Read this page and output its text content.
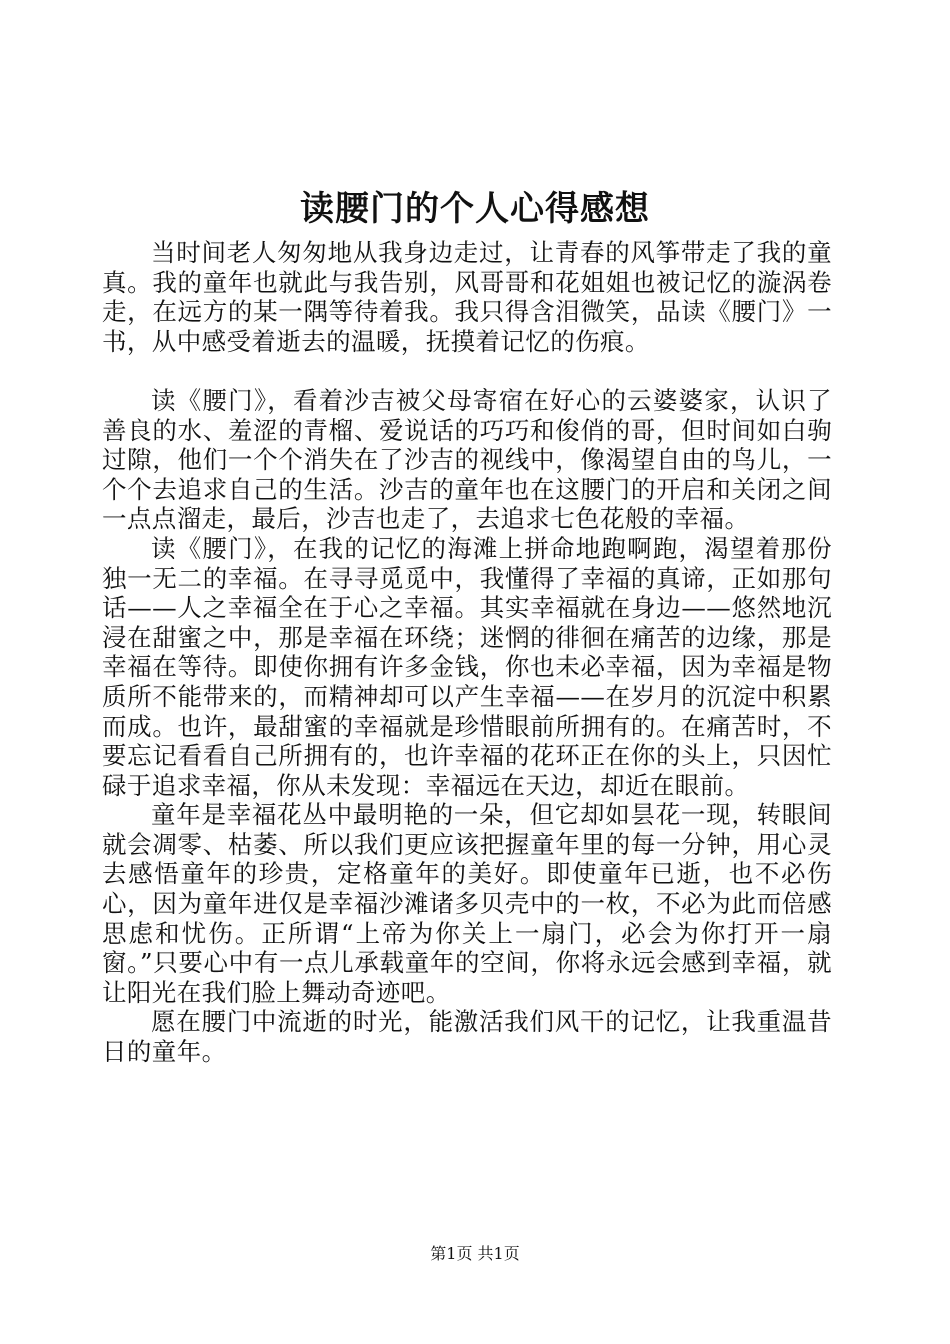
读腰门的个人心得感想

当时间老人匆匆地从我身边走过，让青春的风筝带走了我的童真。我的童年也就此与我告别，风哥哥和花姐姐也被记忆的漩涡卷走，在远方的某一隅等待着我。我只得含泪微笑，品读《腰门》一书，从中感受着逝去的温暖，抚摸着记忆的伤痕。

读《腰门》，看着沙吉被父母寄宿在好心的云婆婆家，认识了善良的水、羞涩的青榴、爱说话的巧巧和俊俏的哥，但时间如白驹过隙，他们一个个消失在了沙吉的视线中，像渴望自由的鸟儿，一个个去追求自己的生活。沙吉的童年也在这腰门的开启和关闭之间一点点溜走，最后，沙吉也走了，去追求七色花般的幸福。

读《腰门》，在我的记忆的海滩上拼命地跑啊跑，渴望着那份独一无二的幸福。在寻寻觅觅中，我懂得了幸福的真谛，正如那句话——人之幸福全在于心之幸福。其实幸福就在身边——悠然地沉浸在甜蜜之中，那是幸福在环绕；迷惘的徘徊在痛苦的边缘，那是幸福在等待。即使你拥有许多金钱，你也未必幸福，因为幸福是物质所不能带来的，而精神却可以产生幸福——在岁月的沉淀中积累而成。也许，最甜蜜的幸福就是珍惜眼前所拥有的。在痛苦时，不要忘记看看自己所拥有的，也许幸福的花环正在你的头上，只因忙碌于追求幸福，你从未发现：幸福远在天边，却近在眼前。

童年是幸福花丛中最明艳的一朵，但它却如昙花一现，转眼间就会凋零、枯萎、所以我们更应该把握童年里的每一分钟，用心灵去感悟童年的珍贵，定格童年的美好。即使童年已逝，也不必伤心，因为童年进仅是幸福沙滩诸多贝壳中的一枚，不必为此而倍感思虑和忧伤。正所谓“上帝为你关上一扇门，必会为你打开一扇窗。”只要心中有一点儿承载童年的空间，你将永远会感到幸福，就让阳光在我们脸上舞动奇迹吧。

愿在腰门中流逝的时光，能激活我们风干的记忆，让我重温昔日的童年。

第1页 共1页
